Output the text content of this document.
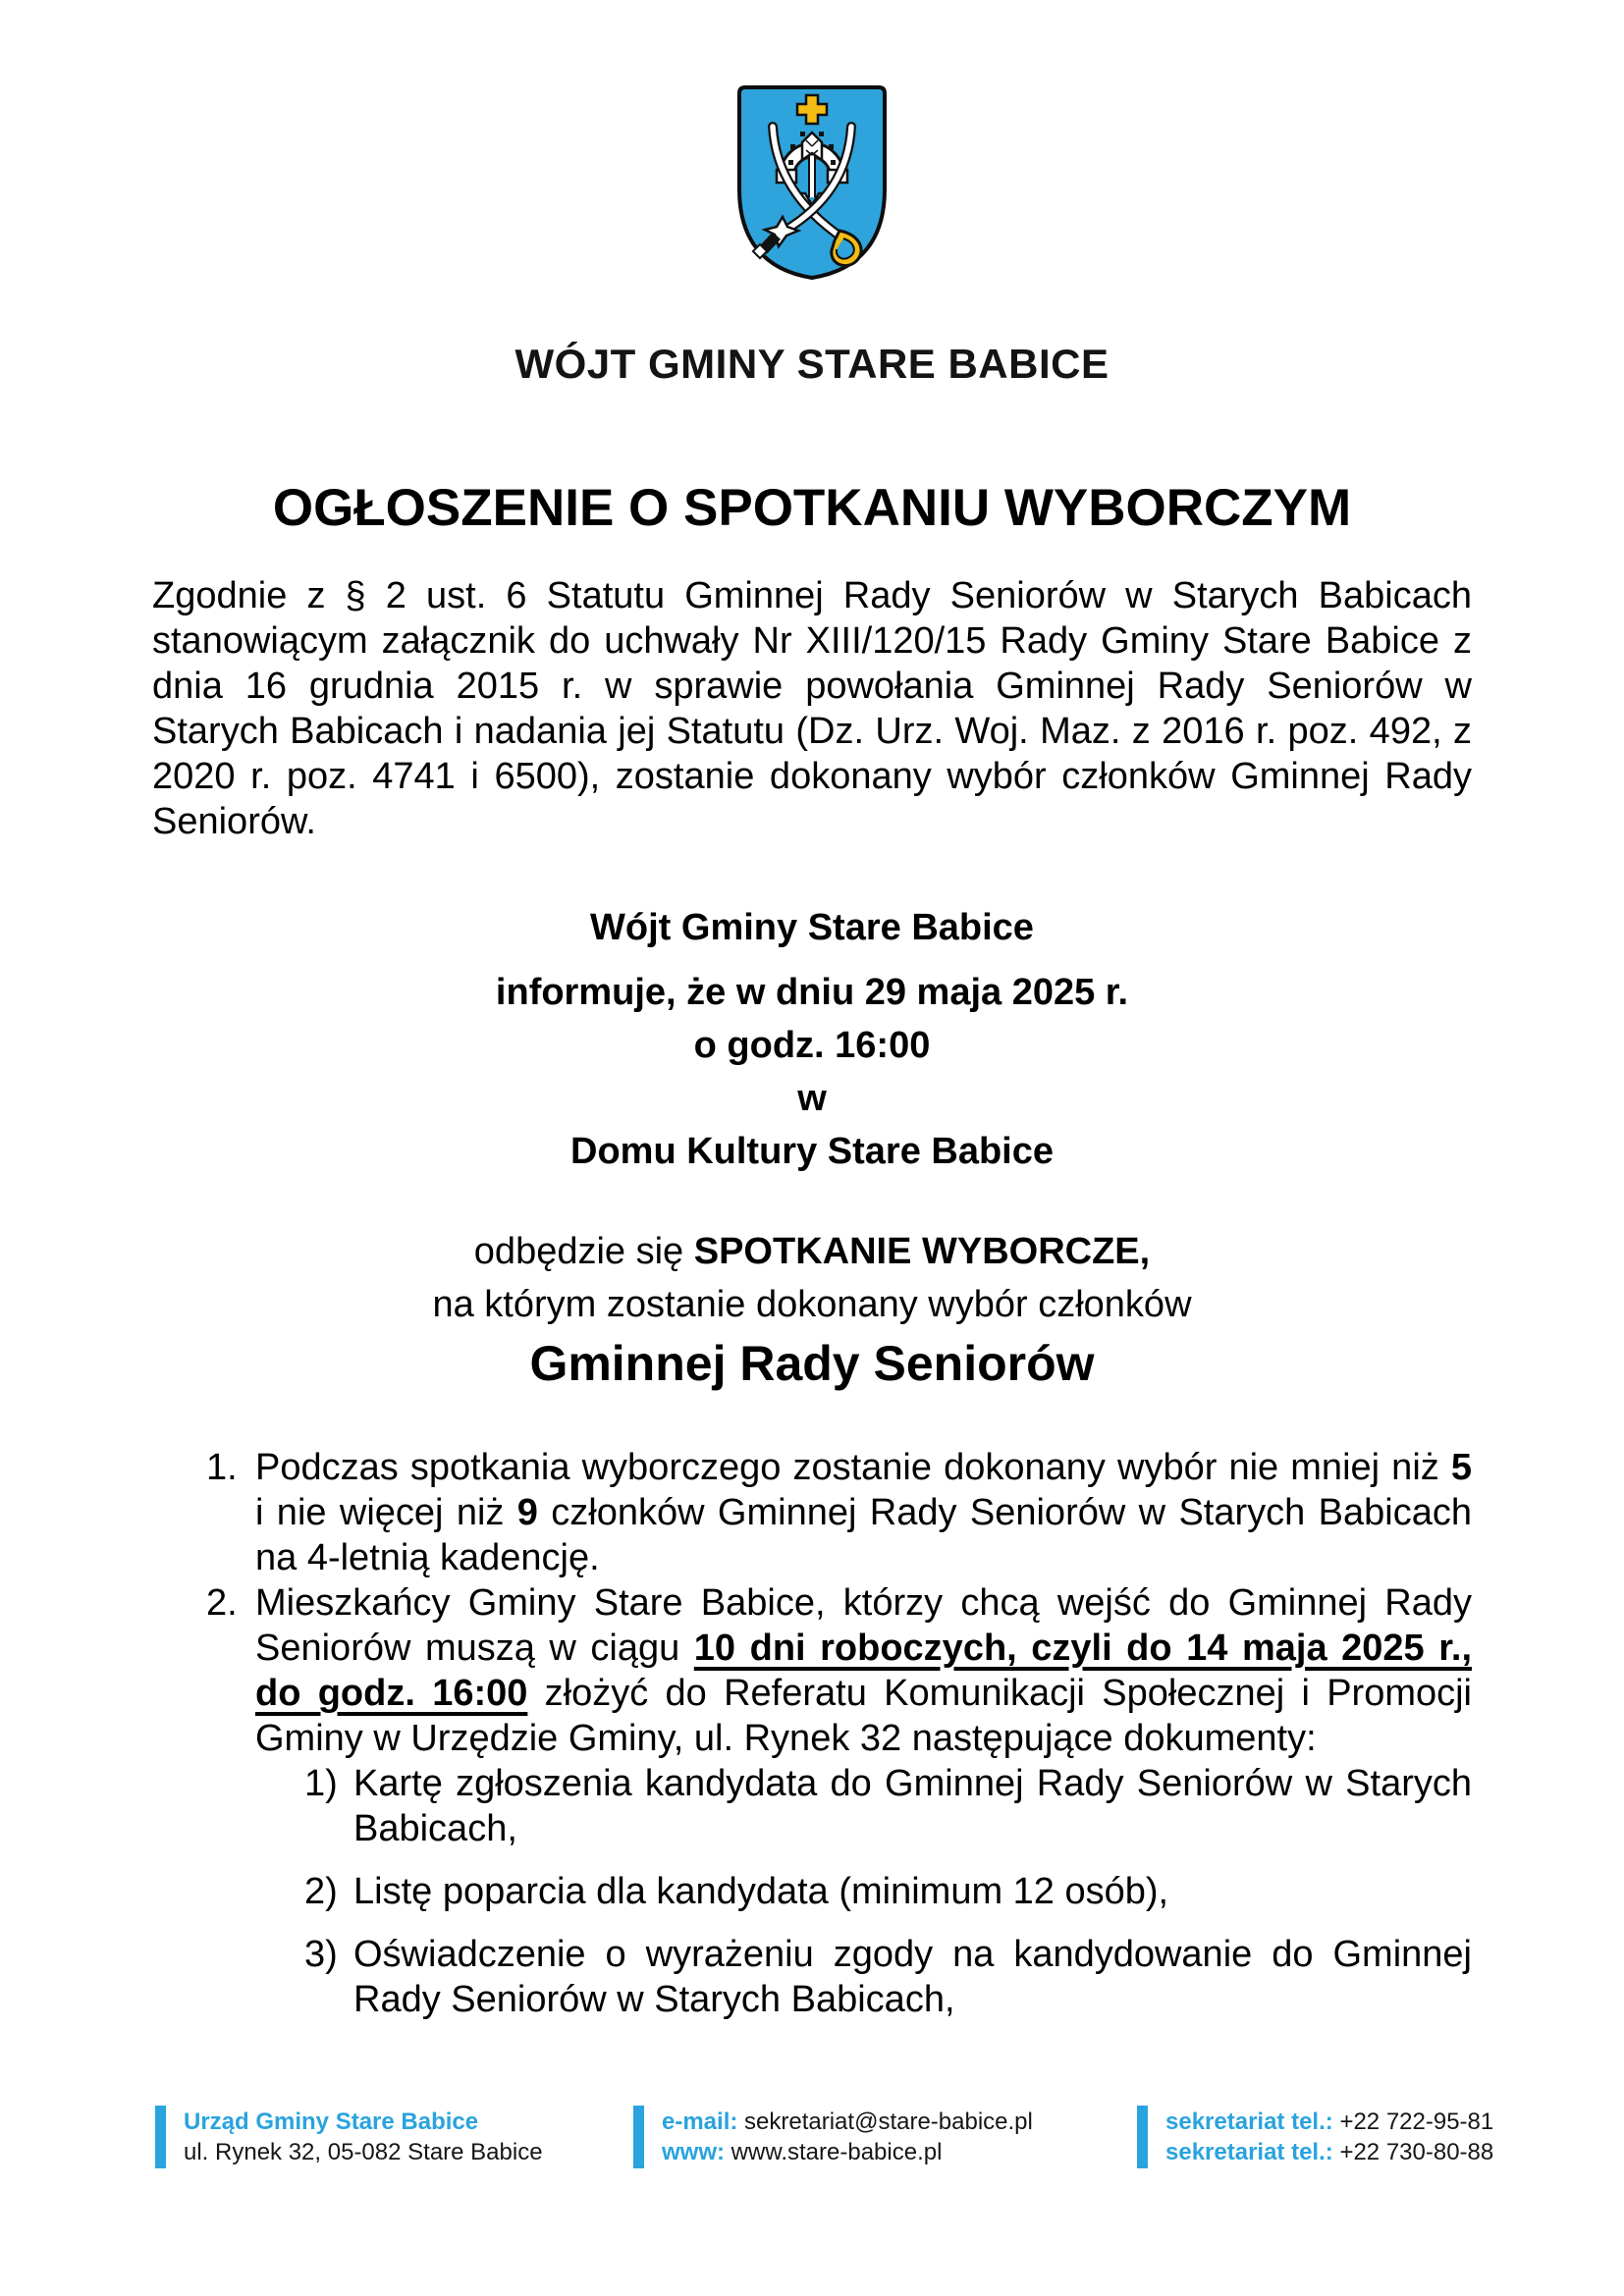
WÓJT GMINY STARE BABICE
OGŁOSZENIE O SPOTKANIU WYBORCZYM
Zgodnie z § 2 ust. 6 Statutu Gminnej Rady Seniorów w Starych Babicach stanowiącym załącznik do uchwały Nr XIII/120/15 Rady Gminy Stare Babice z dnia 16 grudnia 2015 r. w sprawie powołania Gminnej Rady Seniorów w Starych Babicach i nadania jej Statutu (Dz. Urz. Woj. Maz. z 2016 r. poz. 492, z 2020 r. poz. 4741 i 6500), zostanie dokonany wybór członków Gminnej Rady Seniorów.
Wójt Gminy Stare Babice
informuje, że w dniu 29 maja 2025 r.
o godz. 16:00
w
Domu Kultury Stare Babice
odbędzie się SPOTKANIE WYBORCZE,
na którym zostanie dokonany wybór członków
Gminnej Rady Seniorów
1. Podczas spotkania wyborczego zostanie dokonany wybór nie mniej niż 5 i nie więcej niż 9 członków Gminnej Rady Seniorów w Starych Babicach na 4-letnią kadencję.
2. Mieszkańcy Gminy Stare Babice, którzy chcą wejść do Gminnej Rady Seniorów muszą w ciągu 10 dni roboczych, czyli do 14 maja 2025 r., do godz. 16:00 złożyć do Referatu Komunikacji Społecznej i Promocji Gminy w Urzędzie Gminy, ul. Rynek 32 następujące dokumenty:
1) Kartę zgłoszenia kandydata do Gminnej Rady Seniorów w Starych Babicach,
2) Listę poparcia dla kandydata (minimum 12 osób),
3) Oświadczenie o wyrażeniu zgody na kandydowanie do Gminnej Rady Seniorów w Starych Babicach,
Urząd Gminy Stare Babice
ul. Rynek 32, 05-082 Stare Babice
e-mail: sekretariat@stare-babice.pl
www: www.stare-babice.pl
sekretariat tel.: +22 722-95-81
sekretariat tel.: +22 730-80-88
